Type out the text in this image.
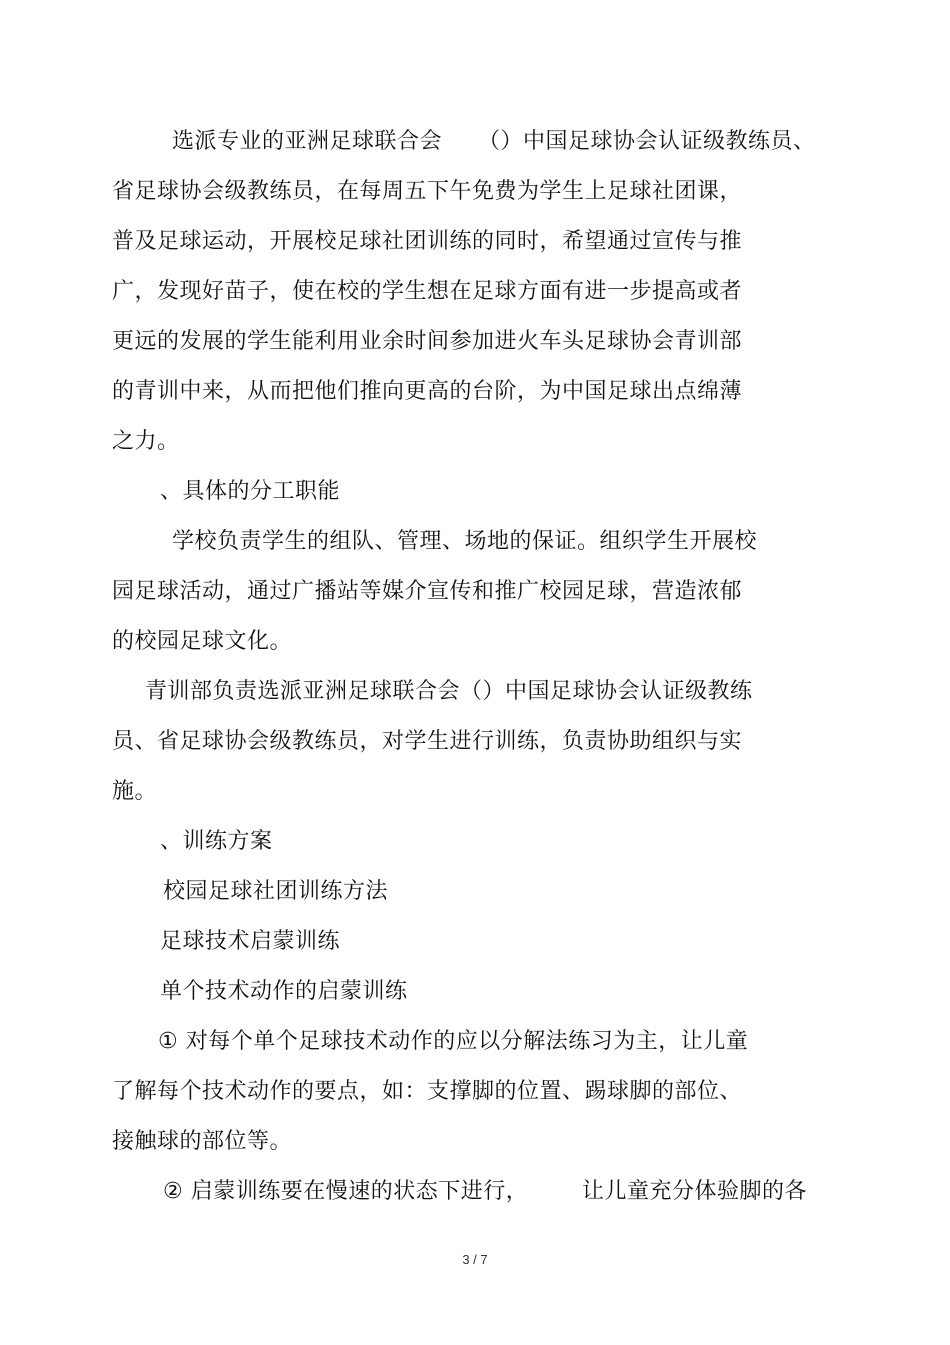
选派专业的亚洲足球联合会 （）中国足球协会认证级教练员、
省足球协会级教练员，在每周五下午免费为学生上足球社团课，
普及足球运动，开展校足球社团训练的同时，希望通过宣传与推
广，发现好苗子，使在校的学生想在足球方面有进一步提高或者
更远的发展的学生能利用业余时间参加进火车头足球协会青训部
的青训中来，从而把他们推向更高的台阶，为中国足球出点绵薄
之力。
、具体的分工职能
学校负责学生的组队、管理、场地的保证。组织学生开展校
园足球活动，通过广播站等媒介宣传和推广校园足球，营造浓郁
的校园足球文化。
青训部负责选派亚洲足球联合会（）中国足球协会认证级教练
员、省足球协会级教练员，对学生进行训练，负责协助组织与实
施。
、训练方案
校园足球社团训练方法
足球技术启蒙训练
单个技术动作的启蒙训练
① 对每个单个足球技术动作的应以分解法练习为主，让儿童
了解每个技术动作的要点，如：支撑脚的位置、踢球脚的部位、
接触球的部位等。
② 启蒙训练要在慢速的状态下进行， 让儿童充分体验脚的各
3 / 7
